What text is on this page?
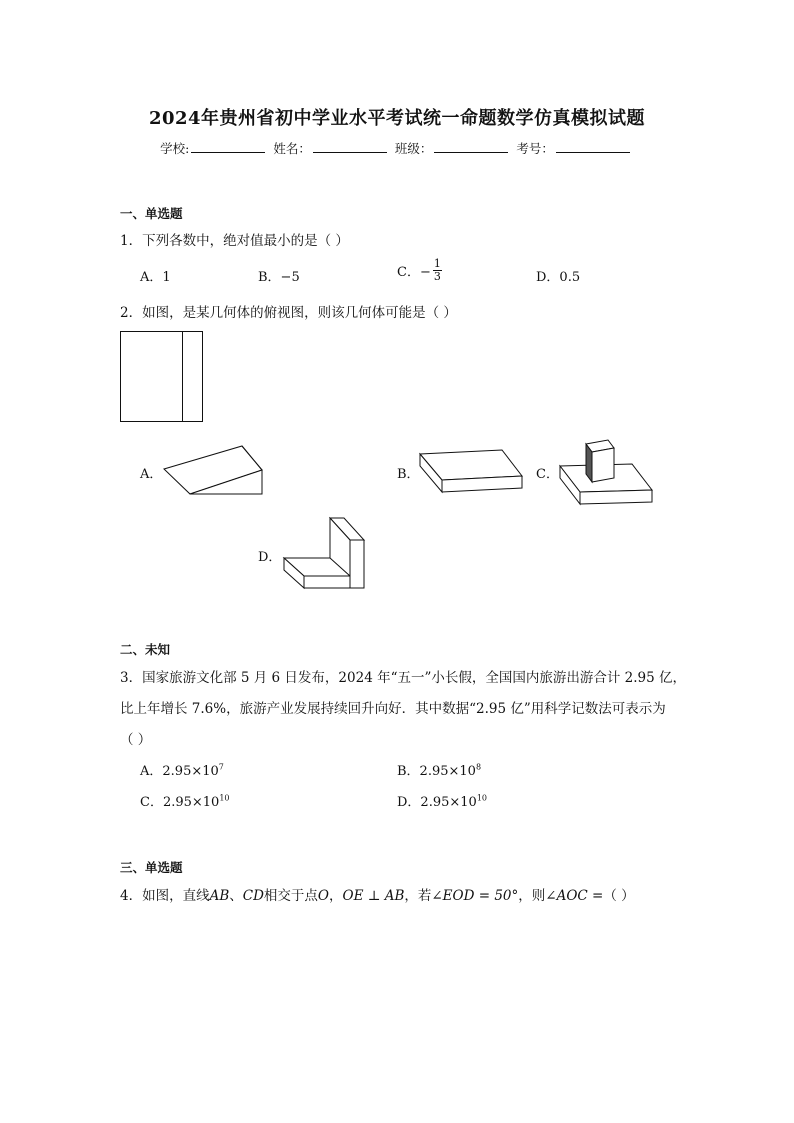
2024年贵州省初中学业水平考试统一命题数学仿真模拟试题
学校:	姓名：	班级：	考号：
一、单选题
1．下列各数中，绝对值最小的是（ ）
A．1	B．−5	C．− $\frac{1}{3}$	D．0.5
2．如图，是某几何体的俯视图，则该几何体可能是（ ）
A．	B．	C．
D．
二、未知
3．国家旅游文化部 5 月 6 日发布，2024 年“五一”小长假，全国国内旅游出游合计 2.95 亿，
比上年增长 7.6%，旅游产业发展持续回升向好．其中数据“2.95 亿”用科学记数法可表示为
（ ）
A．$2.95\times 10^7$	B．$2.95\times 10^8$
C．$2.95\times 10^{10}$	D．$2.95\times 10^{10}$
三、单选题
4．如图，直线AB、CD相交于点O，OE ⊥ AB，若∠EOD = 50°，则∠AOC =（ ）
